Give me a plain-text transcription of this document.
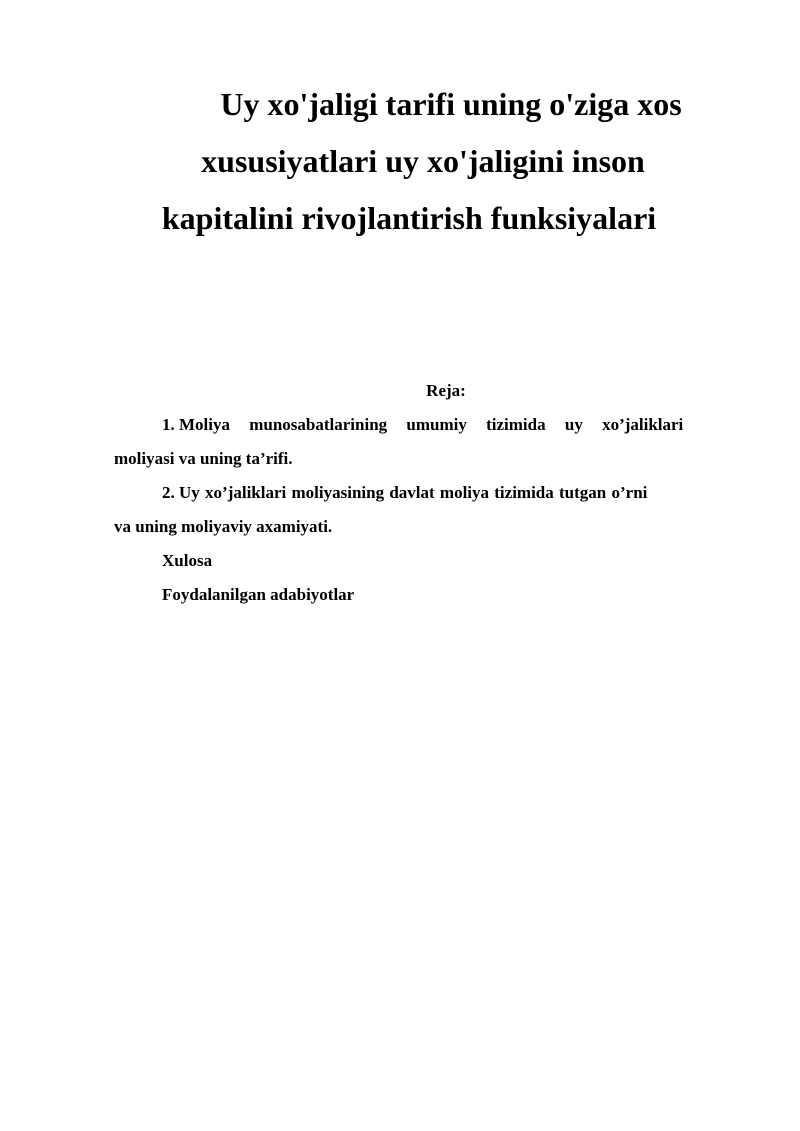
Uy xo'jaligi tarifi uning o'ziga xos
xususiyatlari uy xo'jaligini inson
kapitalini rivojlantirish funksiyalari

Reja:

1. Moliya munosabatlarining umumiy tizimida uy xo’jaliklari

moliyasi va uning ta’rifi.

2. Uy xo’jaliklari moliyasining davlat moliya tizimida tutgan o’rni

va uning moliyaviy axamiyati.

Xulosa

Foydalanilgan adabiyotlar
